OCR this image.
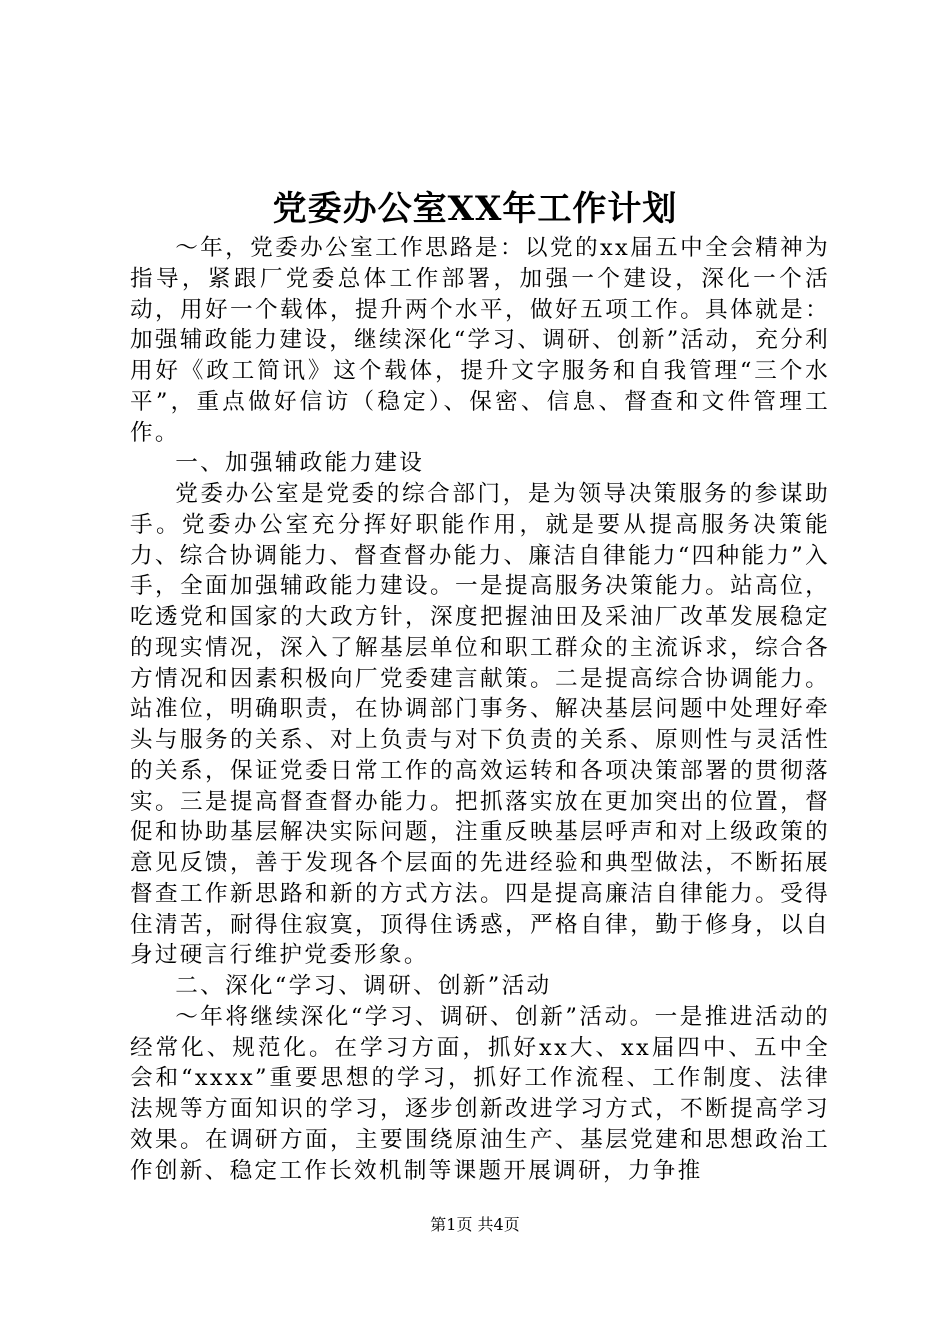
党委办公室XX年工作计划

～年，党委办公室工作思路是：以党的xx届五中全会精神为指导，紧跟厂党委总体工作部署，加强一个建设，深化一个活动，用好一个载体，提升两个水平，做好五项工作。具体就是：加强辅政能力建设，继续深化“学习、调研、创新”活动，充分利用好《政工简讯》这个载体，提升文字服务和自我管理“三个水平”，重点做好信访（稳定）、保密、信息、督查和文件管理工作。

一、加强辅政能力建设

党委办公室是党委的综合部门，是为领导决策服务的参谋助手。党委办公室充分挥好职能作用，就是要从提高服务决策能力、综合协调能力、督查督办能力、廉洁自律能力“四种能力”入手，全面加强辅政能力建设。一是提高服务决策能力。站高位，吃透党和国家的大政方针，深度把握油田及采油厂改革发展稳定的现实情况，深入了解基层单位和职工群众的主流诉求，综合各方情况和因素积极向厂党委建言献策。二是提高综合协调能力。站准位，明确职责，在协调部门事务、解决基层问题中处理好牵头与服务的关系、对上负责与对下负责的关系、原则性与灵活性的关系，保证党委日常工作的高效运转和各项决策部署的贯彻落实。三是提高督查督办能力。把抓落实放在更加突出的位置，督促和协助基层解决实际问题，注重反映基层呼声和对上级政策的意见反馈，善于发现各个层面的先进经验和典型做法，不断拓展督查工作新思路和新的方式方法。四是提高廉洁自律能力。受得住清苦，耐得住寂寞，顶得住诱惑，严格自律，勤于修身，以自身过硬言行维护党委形象。

二、深化“学习、调研、创新”活动

～年将继续深化“学习、调研、创新”活动。一是推进活动的经常化、规范化。在学习方面，抓好xx大、xx届四中、五中全会和“xxxx”重要思想的学习，抓好工作流程、工作制度、法律法规等方面知识的学习，逐步创新改进学习方式，不断提高学习效果。在调研方面，主要围绕原油生产、基层党建和思想政治工作创新、稳定工作长效机制等课题开展调研，力争推

第1页 共4页
